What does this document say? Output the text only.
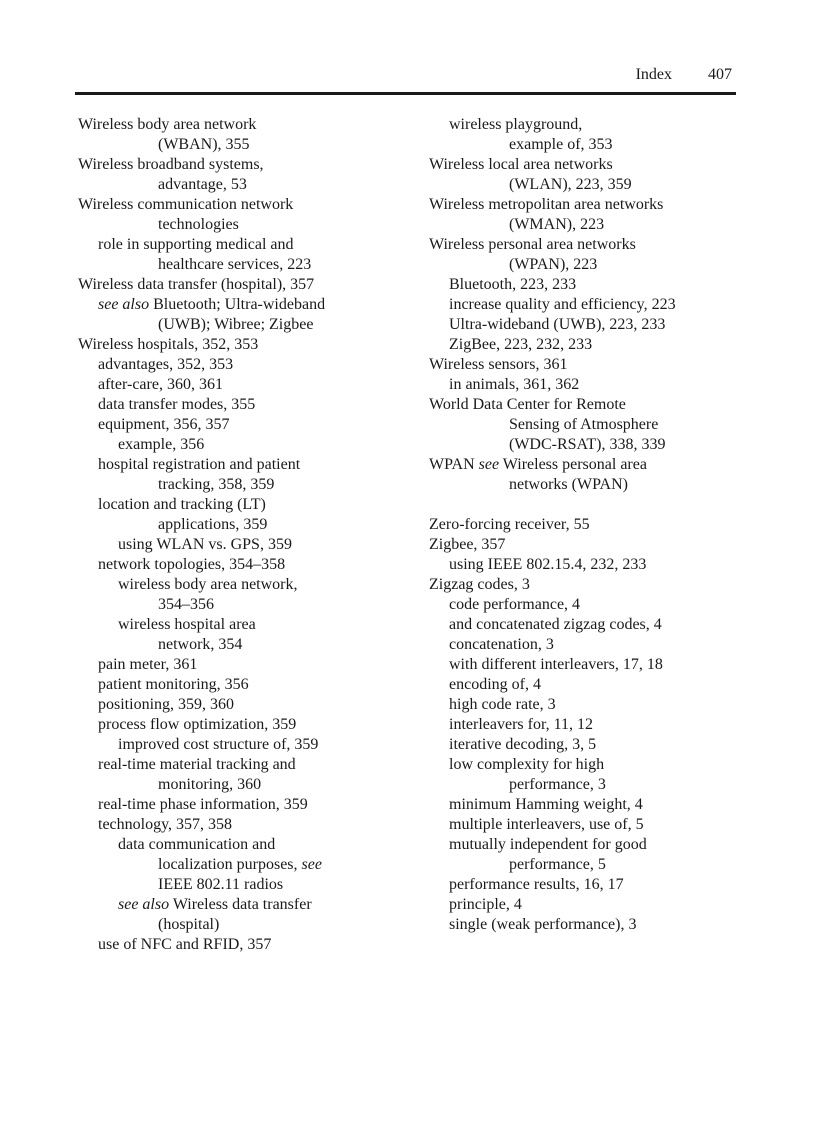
Index 407
Wireless body area network
(WBAN), 355
Wireless broadband systems,
advantage, 53
Wireless communication network
technologies
role in supporting medical and
healthcare services, 223
Wireless data transfer (hospital), 357
see also Bluetooth; Ultra-wideband
(UWB); Wibree; Zigbee
Wireless hospitals, 352, 353
advantages, 352, 353
after-care, 360, 361
data transfer modes, 355
equipment, 356, 357
example, 356
hospital registration and patient
tracking, 358, 359
location and tracking (LT)
applications, 359
using WLAN vs. GPS, 359
network topologies, 354–358
wireless body area network,
354–356
wireless hospital area
network, 354
pain meter, 361
patient monitoring, 356
positioning, 359, 360
process flow optimization, 359
improved cost structure of, 359
real-time material tracking and
monitoring, 360
real-time phase information, 359
technology, 357, 358
data communication and
localization purposes, see
IEEE 802.11 radios
see also Wireless data transfer
(hospital)
use of NFC and RFID, 357
wireless playground,
example of, 353
Wireless local area networks
(WLAN), 223, 359
Wireless metropolitan area networks
(WMAN), 223
Wireless personal area networks
(WPAN), 223
Bluetooth, 223, 233
increase quality and efficiency, 223
Ultra-wideband (UWB), 223, 233
ZigBee, 223, 232, 233
Wireless sensors, 361
in animals, 361, 362
World Data Center for Remote
Sensing of Atmosphere
(WDC-RSAT), 338, 339
WPAN see Wireless personal area
networks (WPAN)
Zero-forcing receiver, 55
Zigbee, 357
using IEEE 802.15.4, 232, 233
Zigzag codes, 3
code performance, 4
and concatenated zigzag codes, 4
concatenation, 3
with different interleavers, 17, 18
encoding of, 4
high code rate, 3
interleavers for, 11, 12
iterative decoding, 3, 5
low complexity for high
performance, 3
minimum Hamming weight, 4
multiple interleavers, use of, 5
mutually independent for good
performance, 5
performance results, 16, 17
principle, 4
single (weak performance), 3
